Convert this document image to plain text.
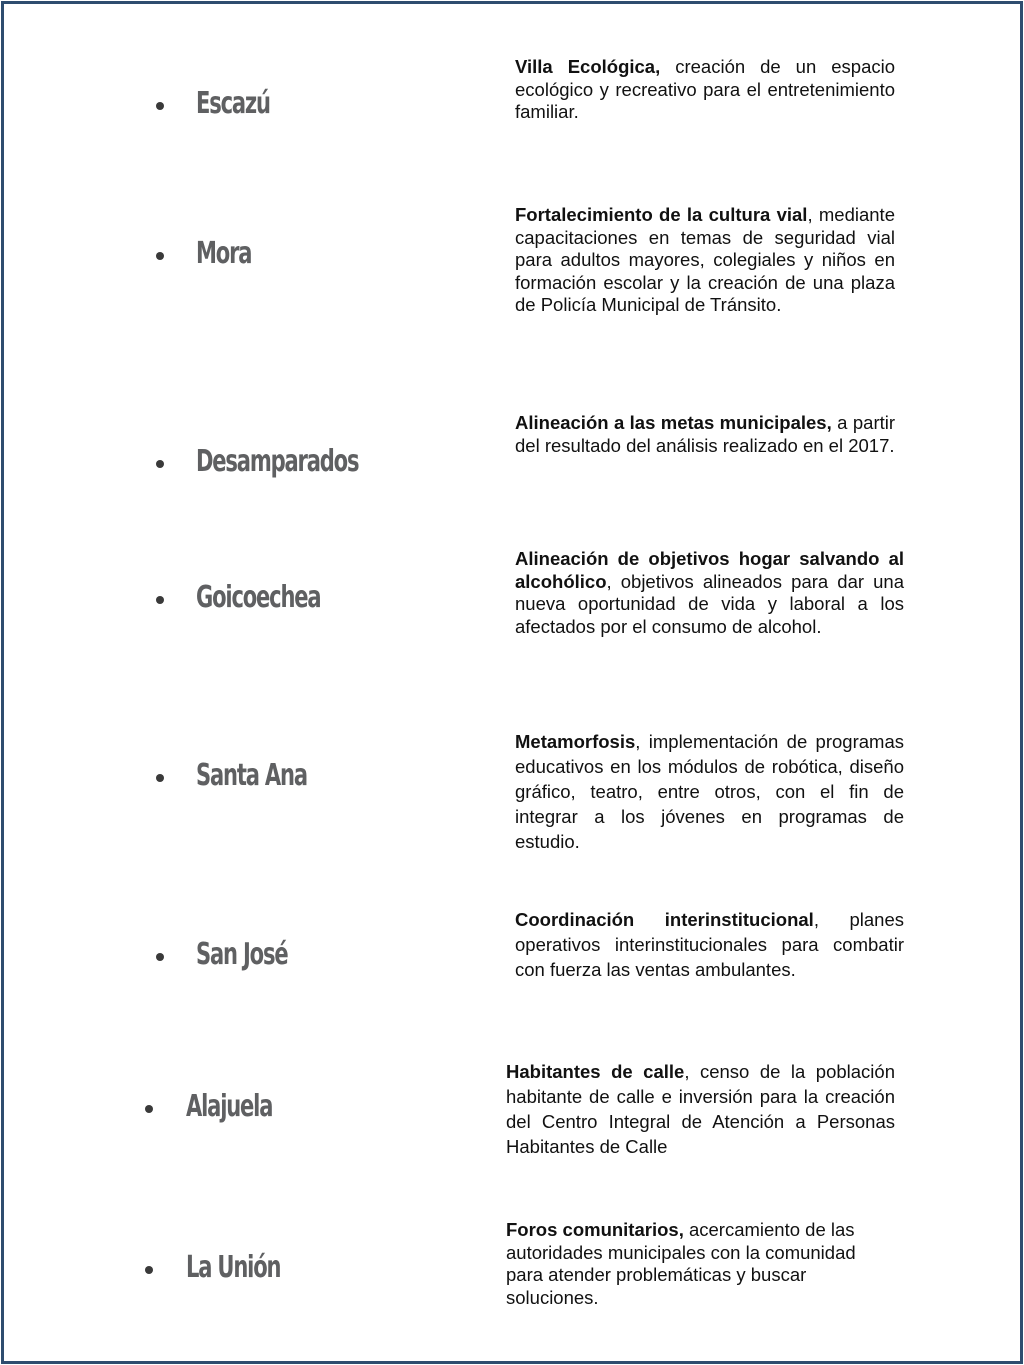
Escazú
Villa Ecológica, creación de un espacio ecológico y recreativo para el entretenimiento familiar.
Mora
Fortalecimiento de la cultura vial, mediante capacitaciones en temas de seguridad vial para adultos mayores, colegiales y niños en formación escolar y la creación de una plaza de Policía Municipal de Tránsito.
Desamparados
Alineación a las metas municipales, a partir del resultado del análisis realizado en el 2017.
Goicoechea
Alineación de objetivos hogar salvando al alcohólico, objetivos alineados para dar una nueva oportunidad de vida y laboral a los afectados por el consumo de alcohol.
Santa Ana
Metamorfosis, implementación de programas educativos en los módulos de robótica, diseño gráfico, teatro, entre otros, con el fin de integrar a los jóvenes en programas de estudio.
San José
Coordinación interinstitucional, planes operativos interinstitucionales para combatir con fuerza las ventas ambulantes.
Alajuela
Habitantes de calle, censo de la población habitante de calle e inversión para la creación del Centro Integral de Atención a Personas Habitantes de Calle
La Unión
Foros comunitarios, acercamiento de las autoridades municipales con la comunidad para atender problemáticas y buscar soluciones.
